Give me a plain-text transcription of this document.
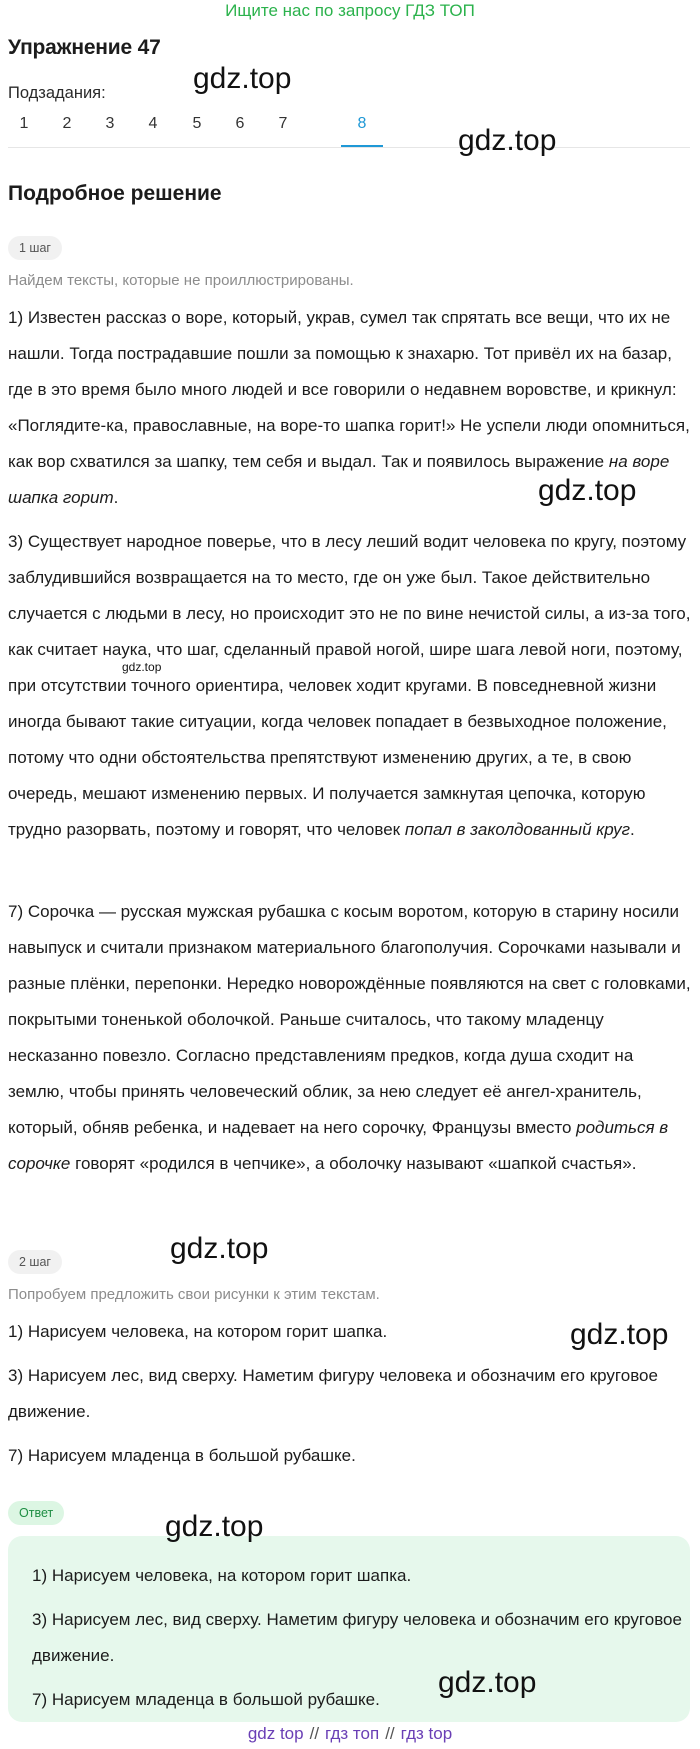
Ищите нас по запросу ГДЗ ТОП
Упражнение 47
Подзадания:
1	2	3	4	5	6	7	8
Подробное решение
1 шаг
Найдем тексты, которые не проиллюстрированы.
1) Известен рассказ о воре, который, украв, сумел так спрятать все вещи, что их не нашли. Тогда пострадавшие пошли за помощью к знахарю. Тот привёл их на базар, где в это время было много людей и все говорили о недавнем воровстве, и крикнул: «Поглядите-ка, православные, на воре-то шапка горит!» Не успели люди опомниться, как вор схватился за шапку, тем себя и выдал. Так и появилось выражение на воре шапка горит.
3) Существует народное поверье, что в лесу леший водит человека по кругу, поэтому заблудившийся возвращается на то место, где он уже был. Такое действительно случается с людьми в лесу, но происходит это не по вине нечистой силы, а из-за того, как считает наука, что шаг, сделанный правой ногой, шире шага левой ноги, поэтому, при отсутствии точного ориентира, человек ходит кругами. В повседневной жизни иногда бывают такие ситуации, когда человек попадает в безвыходное положение, потому что одни обстоятельства препятствуют изменению других, а те, в свою очередь, мешают изменению первых. И получается замкнутая цепочка, которую трудно разорвать, поэтому и говорят, что человек попал в заколдованный круг.
7) Сорочка — русская мужская рубашка с косым воротом, которую в старину носили навыпуск и считали признаком материального благополучия. Сорочками называли и разные плёнки, перепонки. Нередко новорождённые появляются на свет с головками, покрытыми тоненькой оболочкой. Раньше считалось, что такому младенцу несказанно повезло. Согласно представлениям предков, когда душа сходит на землю, чтобы принять человеческий облик, за нею следует её ангел-хранитель, который, обняв ребенка, и надевает на него сорочку, Французы вместо родиться в сорочке говорят «родился в чепчике», а оболочку называют «шапкой счастья».
2 шаг
Попробуем предложить свои рисунки к этим текстам.
1) Нарисуем человека, на котором горит шапка.
3) Нарисуем лес, вид сверху. Наметим фигуру человека и обозначим его круговое движение.
7) Нарисуем младенца в большой рубашке.
Ответ
1) Нарисуем человека, на котором горит шапка.
3) Нарисуем лес, вид сверху. Наметим фигуру человека и обозначим его круговое движение.
7) Нарисуем младенца в большой рубашке.
gdz.top
gdz.top
gdz.top
gdz.top
gdz.top
gdz.top
gdz.top
gdz.top
gdz top // гдз топ // гдз top
